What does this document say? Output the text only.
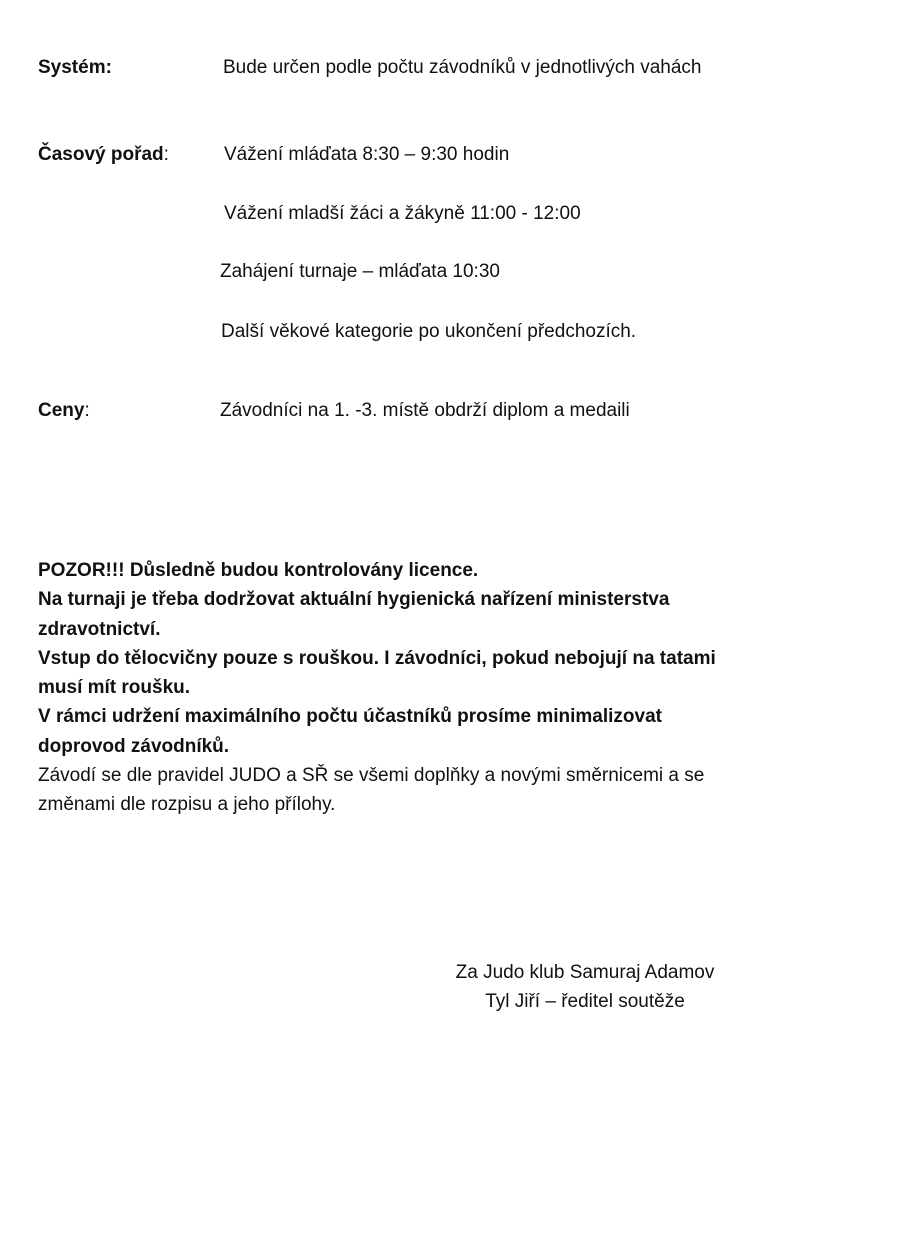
Systém:	Bude určen podle počtu závodníků v jednotlivých vahách
Časový pořad:	Vážení mláďata 8:30 – 9:30 hodin
Vážení mladší žáci a žákyně 11:00 - 12:00
Zahájení turnaje – mláďata 10:30
Další věkové kategorie po ukončení předchozích.
Ceny:	Závodníci na 1. -3. místě obdrží diplom a medaili
POZOR!!! Důsledně budou kontrolovány licence.
Na turnaji je třeba dodržovat aktuální hygienická nařízení ministerstva
zdravotnictví.
Vstup do tělocvičny pouze s rouškou. I závodníci, pokud nebojují na tatami
musí mít roušku.
V rámci udržení maximálního počtu účastníků prosíme minimalizovat
doprovod závodníků.
Závodí se dle pravidel JUDO a SŘ se všemi doplňky a novými směrnicemi a se
změnami dle rozpisu a jeho přílohy.
Za Judo klub Samuraj Adamov
Tyl Jiří – ředitel soutěže
